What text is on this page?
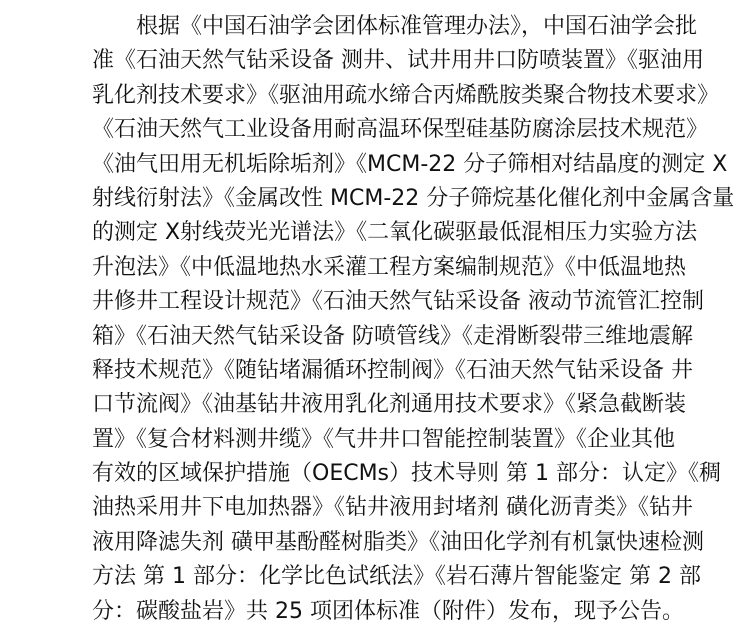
根据《中国石油学会团体标准管理办法》，中国石油学会批
准《石油天然气钻采设备 测井、试井用井口防喷装置》《驱油用
乳化剂技术要求》《驱油用疏水缔合丙烯酰胺类聚合物技术要求》
《石油天然气工业设备用耐高温环保型硅基防腐涂层技术规范》
《油气田用无机垢除垢剂》《MCM-22 分子筛相对结晶度的测定 X
射线衍射法》《金属改性 MCM-22 分子筛烷基化催化剂中金属含量
的测定 X射线荧光光谱法》《二氧化碳驱最低混相压力实验方法
升泡法》《中低温地热水采灌工程方案编制规范》《中低温地热
井修井工程设计规范》《石油天然气钻采设备 液动节流管汇控制
箱》《石油天然气钻采设备 防喷管线》《走滑断裂带三维地震解
释技术规范》《随钻堵漏循环控制阀》《石油天然气钻采设备 井
口节流阀》《油基钻井液用乳化剂通用技术要求》《紧急截断装
置》《复合材料测井缆》《气井井口智能控制装置》《企业其他
有效的区域保护措施（OECMs）技术导则 第 1 部分：认定》《稠
油热采用井下电加热器》《钻井液用封堵剂 磺化沥青类》《钻井
液用降滤失剂 磺甲基酚醛树脂类》《油田化学剂有机氯快速检测
方法 第 1 部分：化学比色试纸法》《岩石薄片智能鉴定 第 2 部
分：碳酸盐岩》共 25 项团体标准（附件）发布，现予公告。
